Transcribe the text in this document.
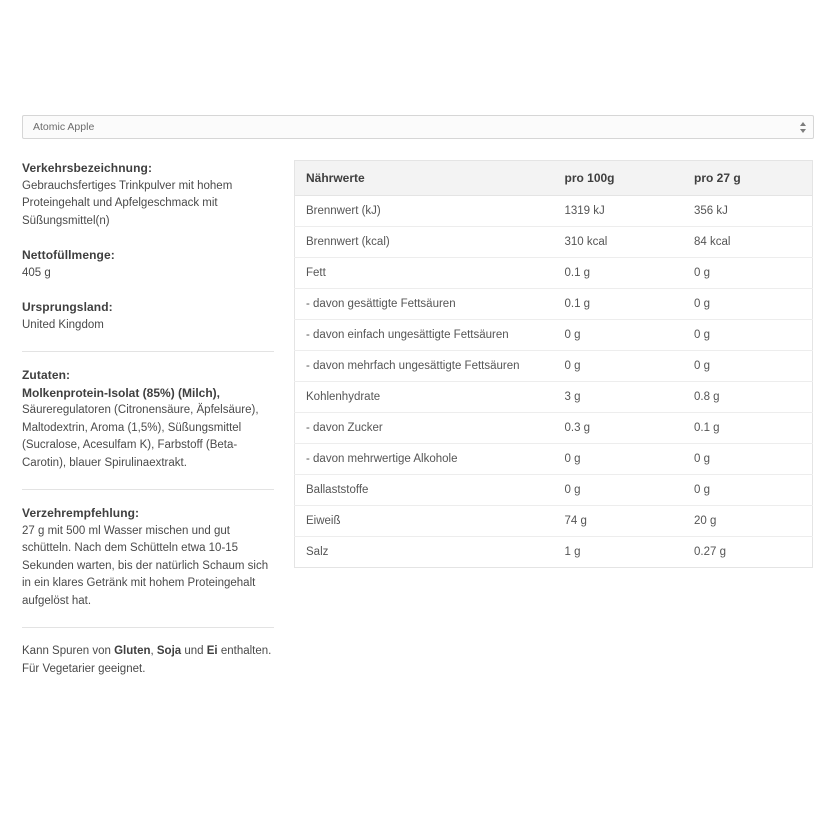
Atomic Apple

Verkehrsbezeichnung:

Gebrauchsfertiges Trinkpulver mit hohem Proteingehalt und Apfelgeschmack mit Süßungsmittel(n)

Nettofüllmenge:

405 g

Ursprungsland:

United Kingdom

Zutaten:

Molkenprotein-Isolat (85%) (Milch),

Säureregulatoren (Citronensäure, Äpfelsäure), Maltodextrin, Aroma (1,5%), Süßungsmittel (Sucralose, Acesulfam K), Farbstoff (Beta-Carotin), blauer Spirulinaextrakt.

Verzehrempfehlung:

27 g mit 500 ml Wasser mischen und gut schütteln. Nach dem Schütteln etwa 10-15 Sekunden warten, bis der natürlich Schaum sich in ein klares Getränk mit hohem Proteingehalt aufgelöst hat.

Kann Spuren von Gluten, Soja und Ei enthalten. Für Vegetarier geeignet.

Nährwerte	pro 100g	pro 27 g
Brennwert (kJ)	1319 kJ	356 kJ
Brennwert (kcal)	310 kcal	84 kcal
Fett	0.1 g	0 g
- davon gesättigte Fettsäuren	0.1 g	0 g
- davon einfach ungesättigte Fettsäuren	0 g	0 g
- davon mehrfach ungesättigte Fettsäuren	0 g	0 g
Kohlenhydrate	3 g	0.8 g
- davon Zucker	0.3 g	0.1 g
- davon mehrwertige Alkohole	0 g	0 g
Ballaststoffe	0 g	0 g
Eiweiß	74 g	20 g
Salz	1 g	0.27 g
